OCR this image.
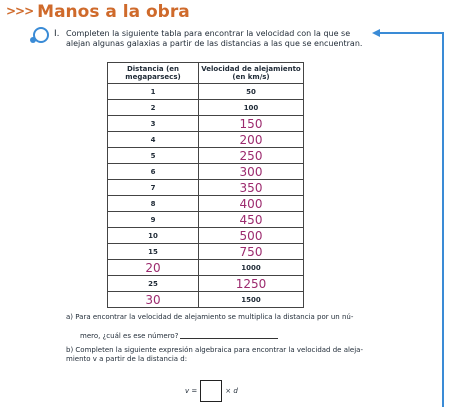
>>> Manos a la obra
I. Completen la siguiente tabla para encontrar la velocidad con la que se alejan algunas galaxias a partir de las distancias a las que se encuentran.
Distancia (en megaparsecs)	Velocidad de alejamiento (en km/s)
1	50
2	100
3	150
4	200
5	250
6	300
7	350
8	400
9	450
10	500
15	750
20	1000
25	1250
30	1500
a) Para encontrar la velocidad de alejamiento se multiplica la distancia por un nú-
mero, ¿cuál es ese número?
b) Completen la siguiente expresión algebraica para encontrar la velocidad de aleja- miento v a partir de la distancia d:
v =	× d
